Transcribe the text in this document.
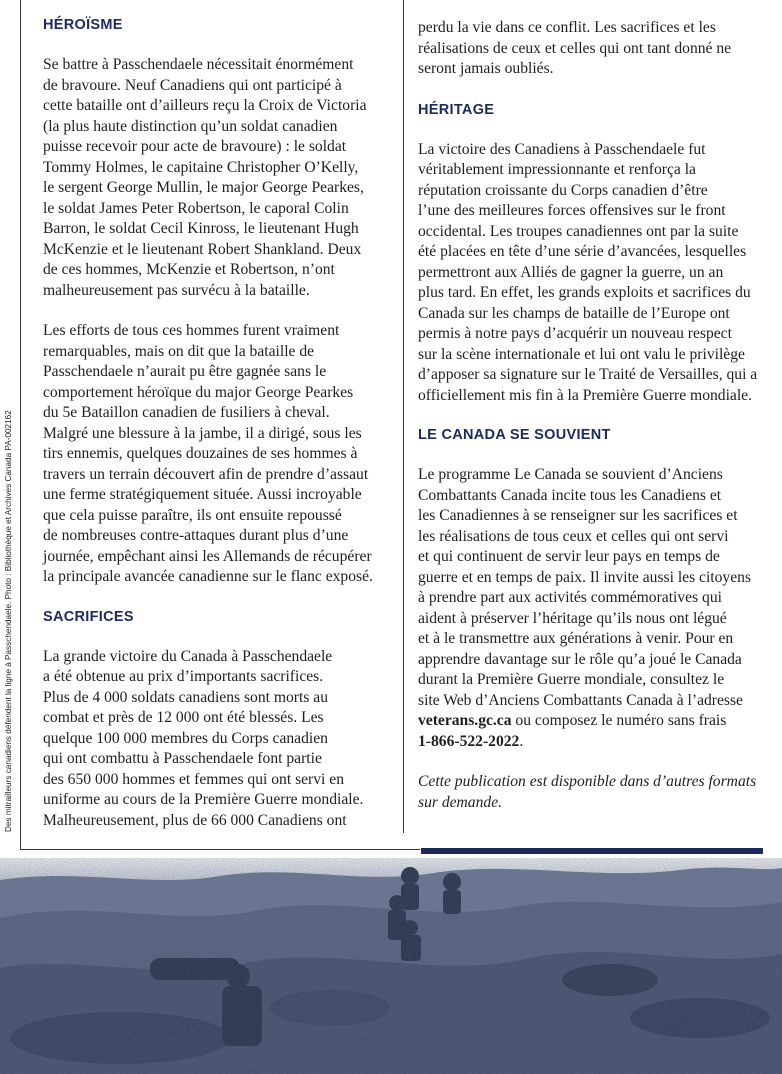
Des mitrailleurs canadiens défendent la ligne à Passchendaele. Photo : Bibliothèque et Archives Canada PA-002162
HÉROÏSME

Se battre à Passchendaele nécessitait énormément
de bravoure. Neuf Canadiens qui ont participé à
cette bataille ont d’ailleurs reçu la Croix de Victoria
(la plus haute distinction qu’un soldat canadien
puisse recevoir pour acte de bravoure) : le soldat
Tommy Holmes, le capitaine Christopher O’Kelly,
le sergent George Mullin, le major George Pearkes,
le soldat James Peter Robertson, le caporal Colin
Barron, le soldat Cecil Kinross, le lieutenant Hugh
McKenzie et le lieutenant Robert Shankland. Deux
de ces hommes, McKenzie et Robertson, n’ont
malheureusement pas survécu à la bataille.

Les efforts de tous ces hommes furent vraiment
remarquables, mais on dit que la bataille de
Passchendaele n’aurait pu être gagnée sans le
comportement héroïque du major George Pearkes
du 5e Bataillon canadien de fusiliers à cheval.
Malgré une blessure à la jambe, il a dirigé, sous les
tirs ennemis, quelques douzaines de ses hommes à
travers un terrain découvert afin de prendre d’assaut
une ferme stratégiquement située. Aussi incroyable
que cela puisse paraître, ils ont ensuite repoussé
de nombreuses contre-attaques durant plus d’une
journée, empêchant ainsi les Allemands de récupérer
la principale avancée canadienne sur le flanc exposé.

SACRIFICES

La grande victoire du Canada à Passchendaele
a été obtenue au prix d’importants sacrifices.
Plus de 4 000 soldats canadiens sont morts au
combat et près de 12 000 ont été blessés. Les
quelque 100 000 membres du Corps canadien
qui ont combattu à Passchendaele font partie
des 650 000 hommes et femmes qui ont servi en
uniforme au cours de la Première Guerre mondiale.
Malheureusement, plus de 66 000 Canadiens ont

perdu la vie dans ce conflit. Les sacrifices et les
réalisations de ceux et celles qui ont tant donné ne
seront jamais oubliés.

HÉRITAGE

La victoire des Canadiens à Passchendaele fut
véritablement impressionnante et renforça la
réputation croissante du Corps canadien d’être
l’une des meilleures forces offensives sur le front
occidental. Les troupes canadiennes ont par la suite
été placées en tête d’une série d’avancées, lesquelles
permettront aux Alliés de gagner la guerre, un an
plus tard. En effet, les grands exploits et sacrifices du
Canada sur les champs de bataille de l’Europe ont
permis à notre pays d’acquérir un nouveau respect
sur la scène internationale et lui ont valu le privilège
d’apposer sa signature sur le Traité de Versailles, qui a
officiellement mis fin à la Première Guerre mondiale.

LE CANADA SE SOUVIENT

Le programme Le Canada se souvient d’Anciens
Combattants Canada incite tous les Canadiens et
les Canadiennes à se renseigner sur les sacrifices et
les réalisations de tous ceux et celles qui ont servi
et qui continuent de servir leur pays en temps de
guerre et en temps de paix. Il invite aussi les citoyens
à prendre part aux activités commémoratives qui
aident à préserver l’héritage qu’ils nous ont légué
et à le transmettre aux générations à venir. Pour en
apprendre davantage sur le rôle qu’a joué le Canada
durant la Première Guerre mondiale, consultez le
site Web d’Anciens Combattants Canada à l’adresse
veterans.gc.ca ou composez le numéro sans frais
1-866-522-2022.

Cette publication est disponible dans d’autres formats
sur demande.
